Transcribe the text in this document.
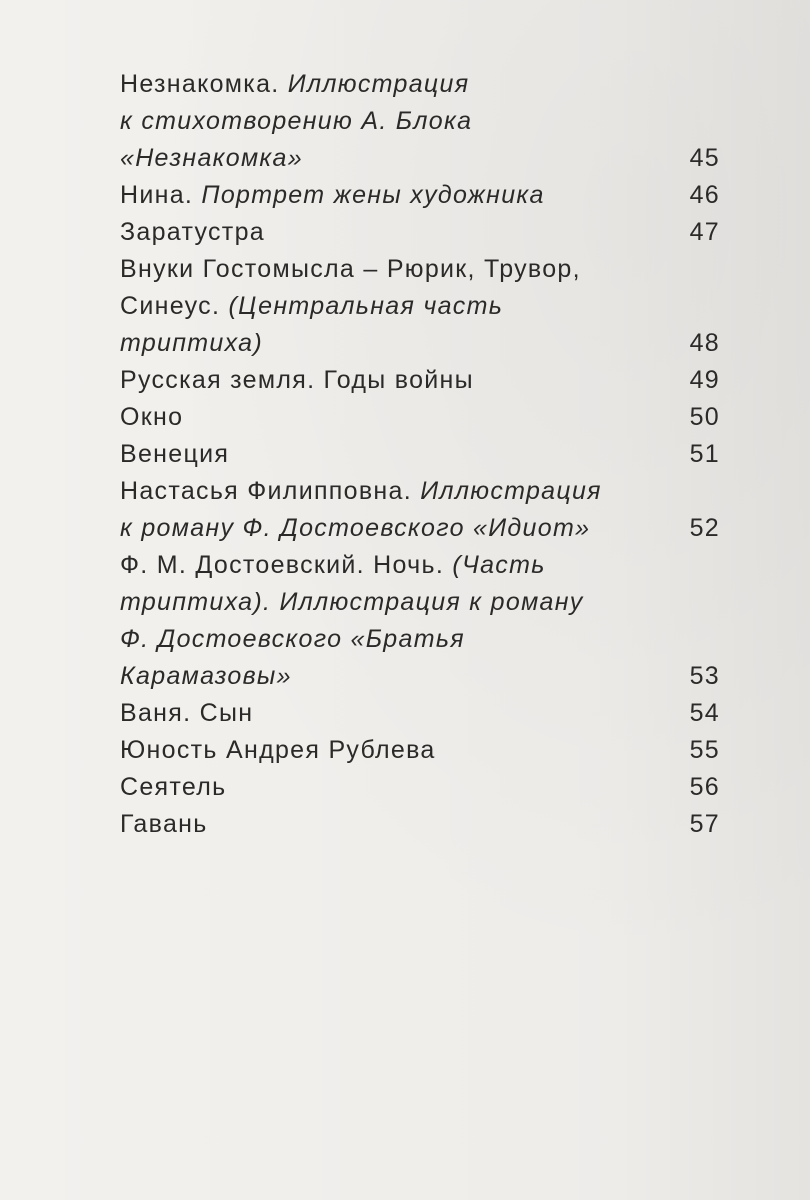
Незнакомка. Иллюстрация
к стихотворению А. Блока
«Незнакомка»	45
Нина. Портрет жены художника	46
Заратустра	47
Внуки Гостомысла – Рюрик, Трувор,
Синеус. (Центральная часть
триптиха)	48
Русская земля. Годы войны	49
Окно	50
Венеция	51
Настасья Филипповна. Иллюстрация
к роману Ф. Достоевского «Идиот»	52
Ф. М. Достоевский. Ночь. (Часть
триптиха). Иллюстрация к роману
Ф. Достоевского «Братья
Карамазовы»	53
Ваня. Сын	54
Юность Андрея Рублева	55
Сеятель	56
Гавань	57
